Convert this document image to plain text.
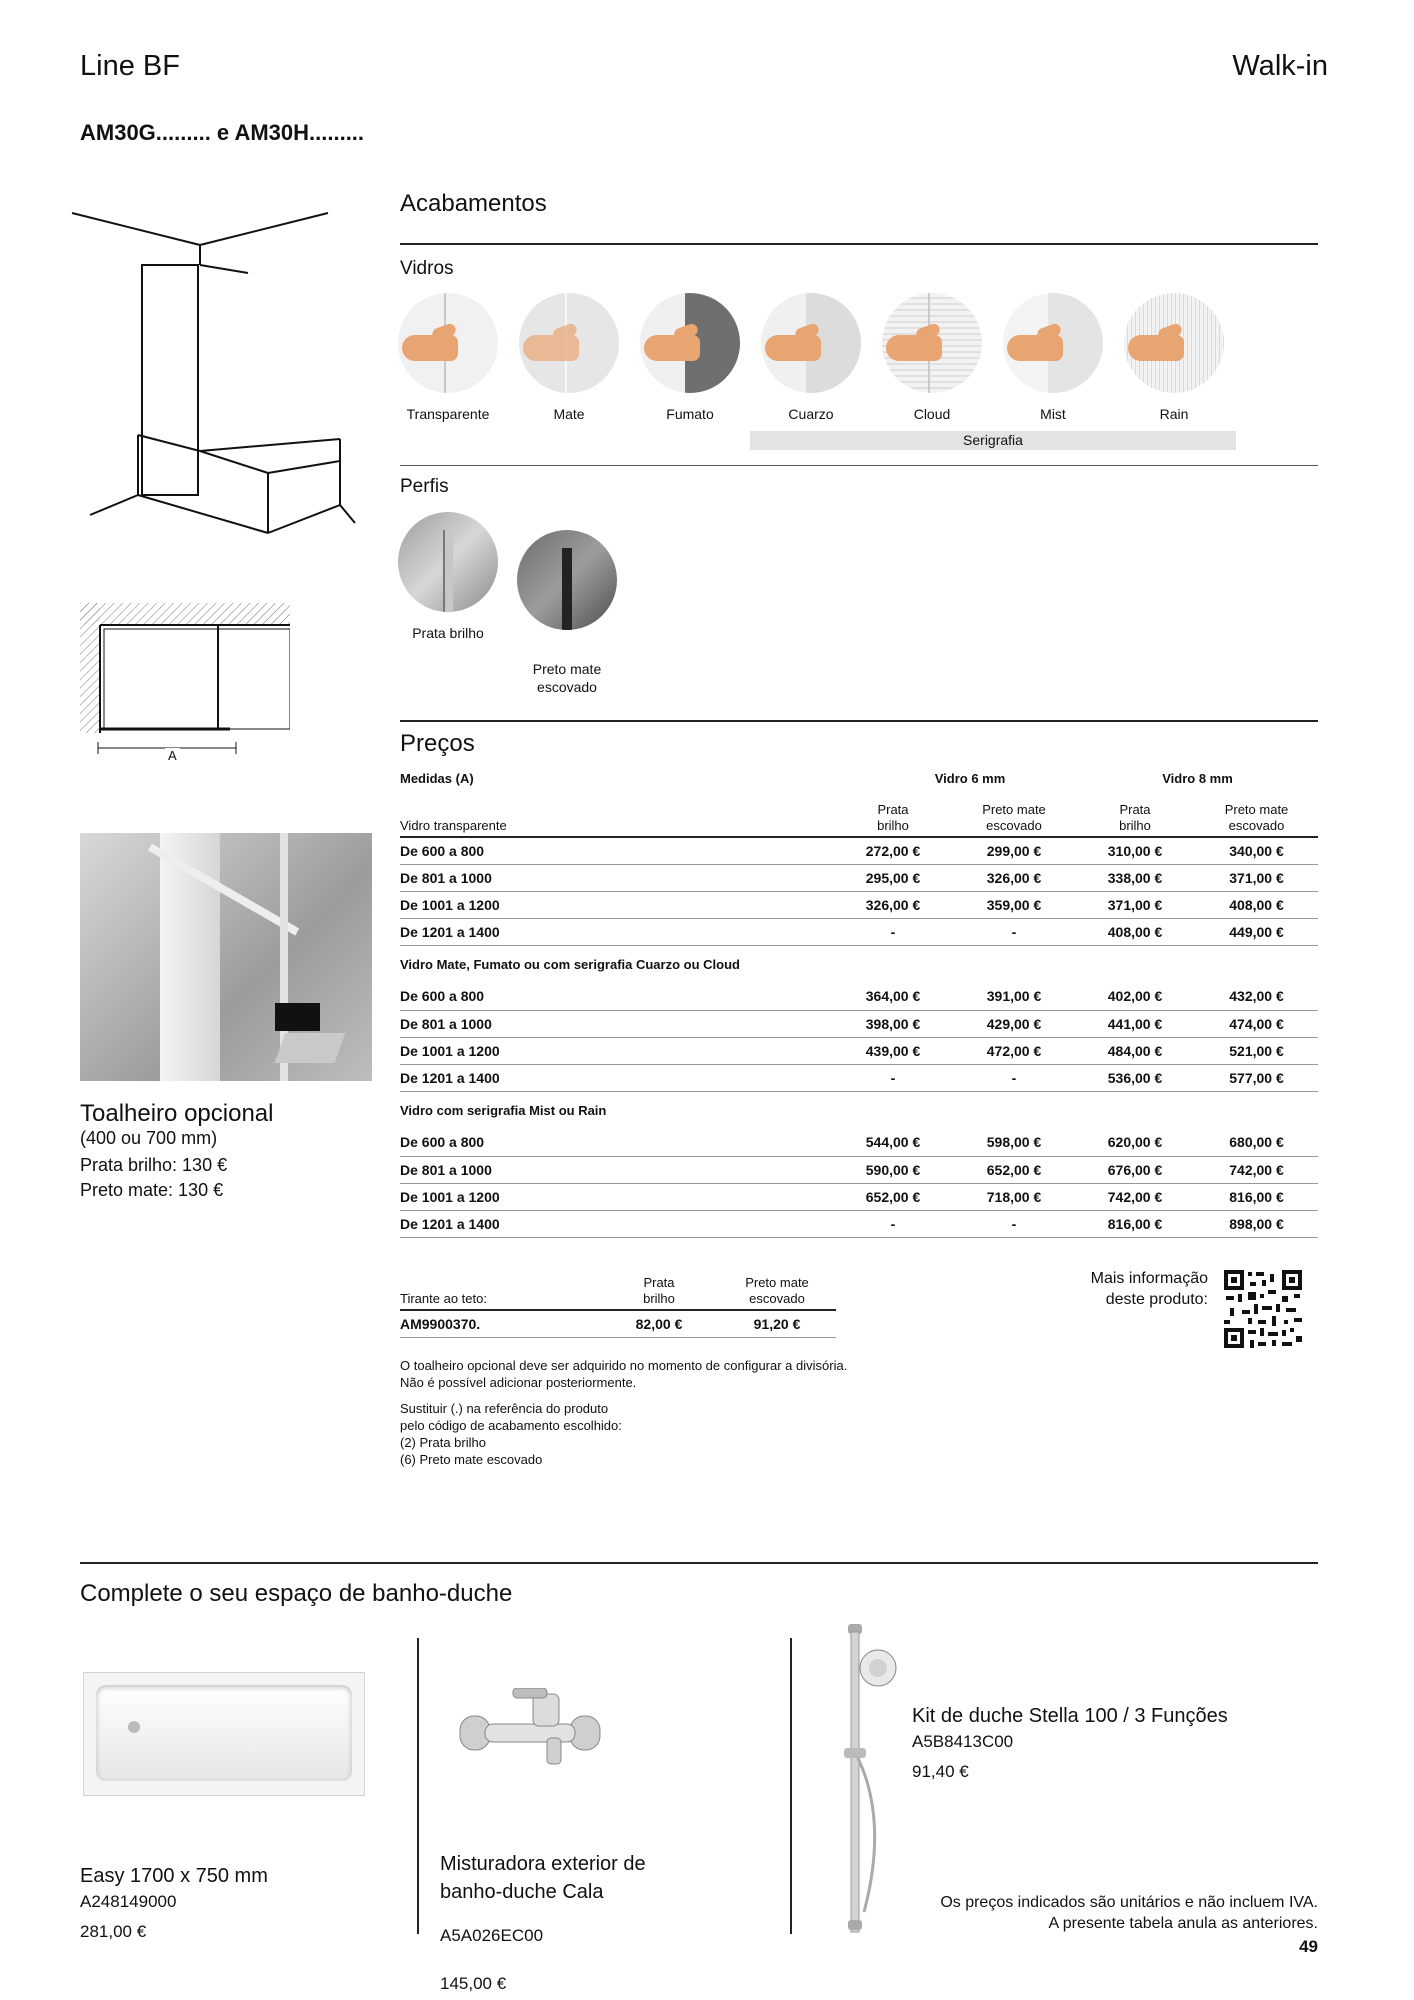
Line BF	Walk-in
AM30G......... e AM30H.........
A
Toalheiro opcional
(400 ou 700 mm)
Prata brilho: 130 €
Preto mate: 130 €
Acabamentos
Vidros
Transparente	Mate	Fumato	Cuarzo	Cloud	Mist	Rain
Serigrafia
Perfis
Prata brilho

Preto mate
escovado

Preços
Medidas (A)	Vidro 6 mm	Vidro 8 mm
Vidro transparente	Prata
brilho	Preto mate
escovado	Prata
brilho	Preto mate
escovado
De 600 a 800	272,00 €	299,00 €	310,00 €	340,00 €
De 801 a 1000	295,00 €	326,00 €	338,00 €	371,00 €
De 1001 a 1200	326,00 €	359,00 €	371,00 €	408,00 €
De 1201 a 1400	-	-	408,00 €	449,00 €
Vidro Mate, Fumato ou com serigrafia Cuarzo ou Cloud				
De 600 a 800	364,00 €	391,00 €	402,00 €	432,00 €
De 801 a 1000	398,00 €	429,00 €	441,00 €	474,00 €
De 1001 a 1200	439,00 €	472,00 €	484,00 €	521,00 €
De 1201 a 1400	-	-	536,00 €	577,00 €
Vidro com serigrafia Mist ou Rain				
De 600 a 800	544,00 €	598,00 €	620,00 €	680,00 €
De 801 a 1000	590,00 €	652,00 €	676,00 €	742,00 €
De 1001 a 1200	652,00 €	718,00 €	742,00 €	816,00 €
De 1201 a 1400	-	-	816,00 €	898,00 €
Tirante ao teto:	Prata
brilho	Preto mate
escovado
AM9900370.	82,00 €	91,20 €
Mais informação
deste produto:
O toalheiro opcional deve ser adquirido no momento de configurar a divisória.
Não é possível adicionar posteriormente.
Sustituir (.) na referência do produto
pelo código de acabamento escolhido:
(2) Prata brilho
(6) Preto mate escovado
Complete o seu espaço de banho-duche
Easy 1700 x 750 mm
A248149000
281,00 €

Misturadora exterior de
banho-duche Cala

A5A026EC00

145,00 €

Kit de duche Stella 100 / 3 Funções
A5B8413C00
91,40 €
Os preços indicados são unitários e não incluem IVA.
A presente tabela anula as anteriores.
49
